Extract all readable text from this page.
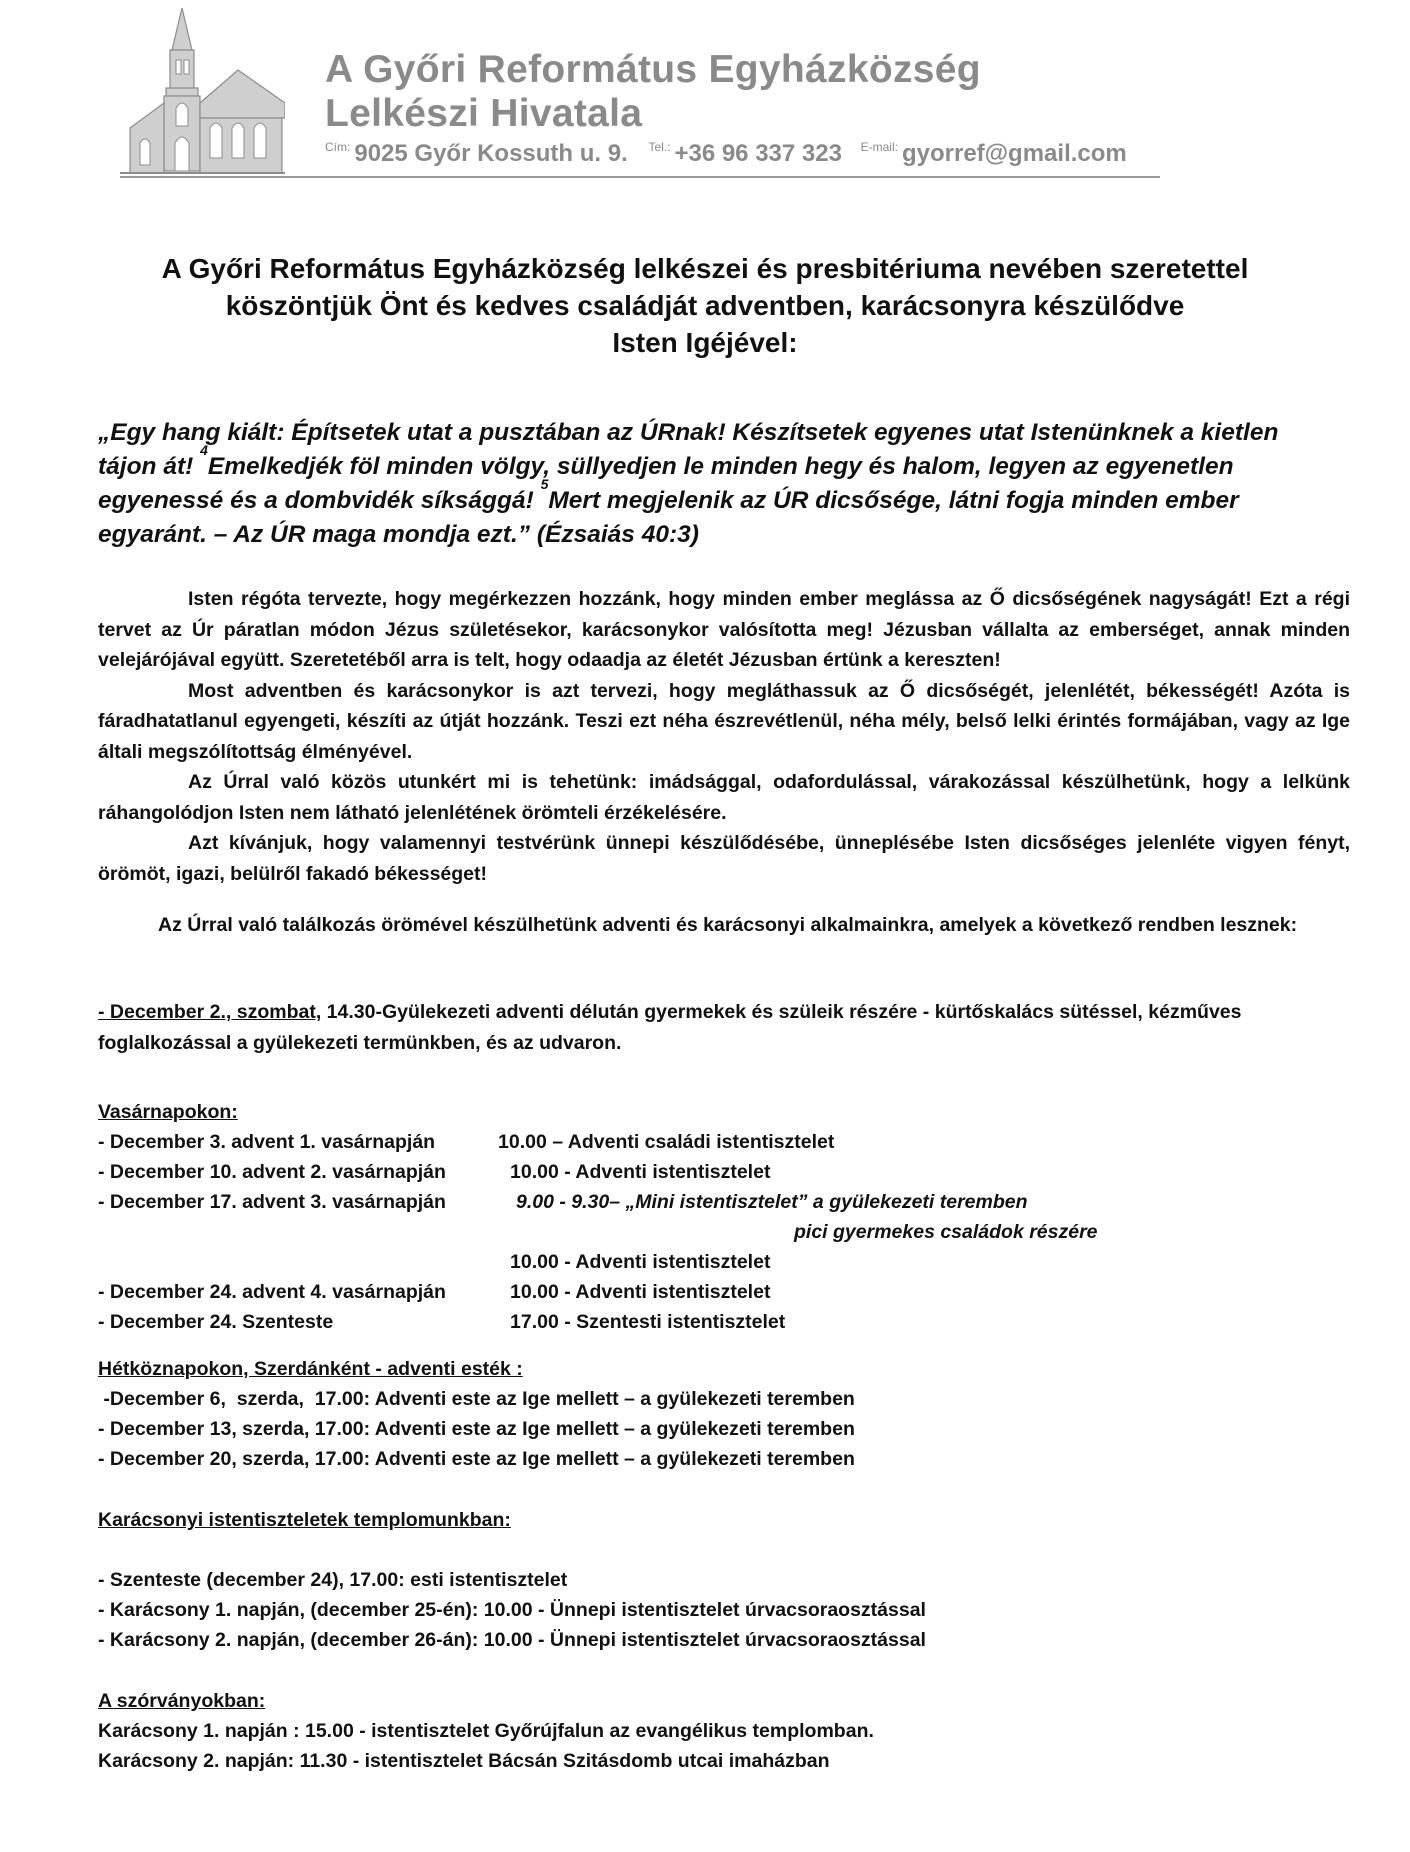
A Győri Református Egyházközség
Lelkészi Hivatala
$^{Cím:}$ 9025 Győr Kossuth u. 9. $^{Tel.:}$ +36 96 337 323 $^{E-mail:}$ gyorref@gmail.com
A Győri Református Egyházközség lelkészei és presbitériuma nevében szeretettel
köszöntjük Önt és kedves családját adventben, karácsonyra készülődve
Isten Igéjével:
„Egy hang kiált: Építsetek utat a pusztában az ÚRnak! Készítsetek egyenes utat Istenünknek a kietlen tájon át! $^4$Emelkedjék föl minden völgy, süllyedjen le minden hegy és halom, legyen az egyenetlen egyenessé és a dombvidék síksággá! $^5$Mert megjelenik az ÚR dicsősége, látni fogja minden ember egyaránt. – Az ÚR maga mondja ezt.” (Ézsaiás 40:3)

Isten régóta tervezte, hogy megérkezzen hozzánk, hogy minden ember meglássa az Ő dicsőségének nagyságát! Ezt a régi tervet az Úr páratlan módon Jézus születésekor, karácsonykor valósította meg! Jézusban vállalta az emberséget, annak minden velejárójával együtt. Szeretetéből arra is telt, hogy odaadja az életét Jézusban értünk a kereszten!

Most adventben és karácsonykor is azt tervezi, hogy megláthassuk az Ő dicsőségét, jelenlétét, békességét! Azóta is fáradhatatlanul egyengeti, készíti az útját hozzánk. Teszi ezt néha észrevétlenül, néha mély, belső lelki érintés formájában, vagy az Ige általi megszólítottság élményével.

Az Úrral való közös utunkért mi is tehetünk: imádsággal, odafordulással, várakozással készülhetünk, hogy a lelkünk ráhangolódjon Isten nem látható jelenlétének örömteli érzékelésére.

Azt kívánjuk, hogy valamennyi testvérünk ünnepi készülődésébe, ünneplésébe Isten dicsőséges jelenléte vigyen fényt, örömöt, igazi, belülről fakadó békességet!

Az Úrral való találkozás örömével készülhetünk adventi és karácsonyi alkalmainkra, amelyek a következő rendben lesznek:
- December 2., szombat, 14.30-Gyülekezeti adventi délután gyermekek és szüleik részére - kürtőskalács sütéssel, kézműves foglalkozással a gyülekezeti termünkben, és az udvaron.
Vasárnapokon:
- December 3. advent 1. vasárnapján	10.00 – Adventi családi istentisztelet
- December 10. advent 2. vasárnapján	10.00 - Adventi istentisztelet
- December 17. advent 3. vasárnapján	9.00 - 9.30– „Mini istentisztelet” a gyülekezeti teremben
pici gyermekes családok részére
10.00 - Adventi istentisztelet
- December 24. advent 4. vasárnapján	10.00 - Adventi istentisztelet
- December 24. Szenteste	17.00 - Szentesti istentisztelet
Hétköznapokon, Szerdánként - adventi esték :
-December 6,  szerda,  17.00: Adventi este az Ige mellett – a gyülekezeti teremben
- December 13, szerda, 17.00: Adventi este az Ige mellett – a gyülekezeti teremben
- December 20, szerda, 17.00: Adventi este az Ige mellett – a gyülekezeti teremben
Karácsonyi istentiszteletek templomunkban:
- Szenteste (december 24), 17.00: esti istentisztelet
- Karácsony 1. napján, (december 25-én): 10.00 - Ünnepi istentisztelet úrvacsoraosztással
- Karácsony 2. napján, (december 26-án): 10.00 - Ünnepi istentisztelet úrvacsoraosztással
A szórványokban:
Karácsony 1. napján : 15.00 - istentisztelet Győrújfalun az evangélikus templomban.
Karácsony 2. napján: 11.30 - istentisztelet Bácsán Szitásdomb utcai imaházban
